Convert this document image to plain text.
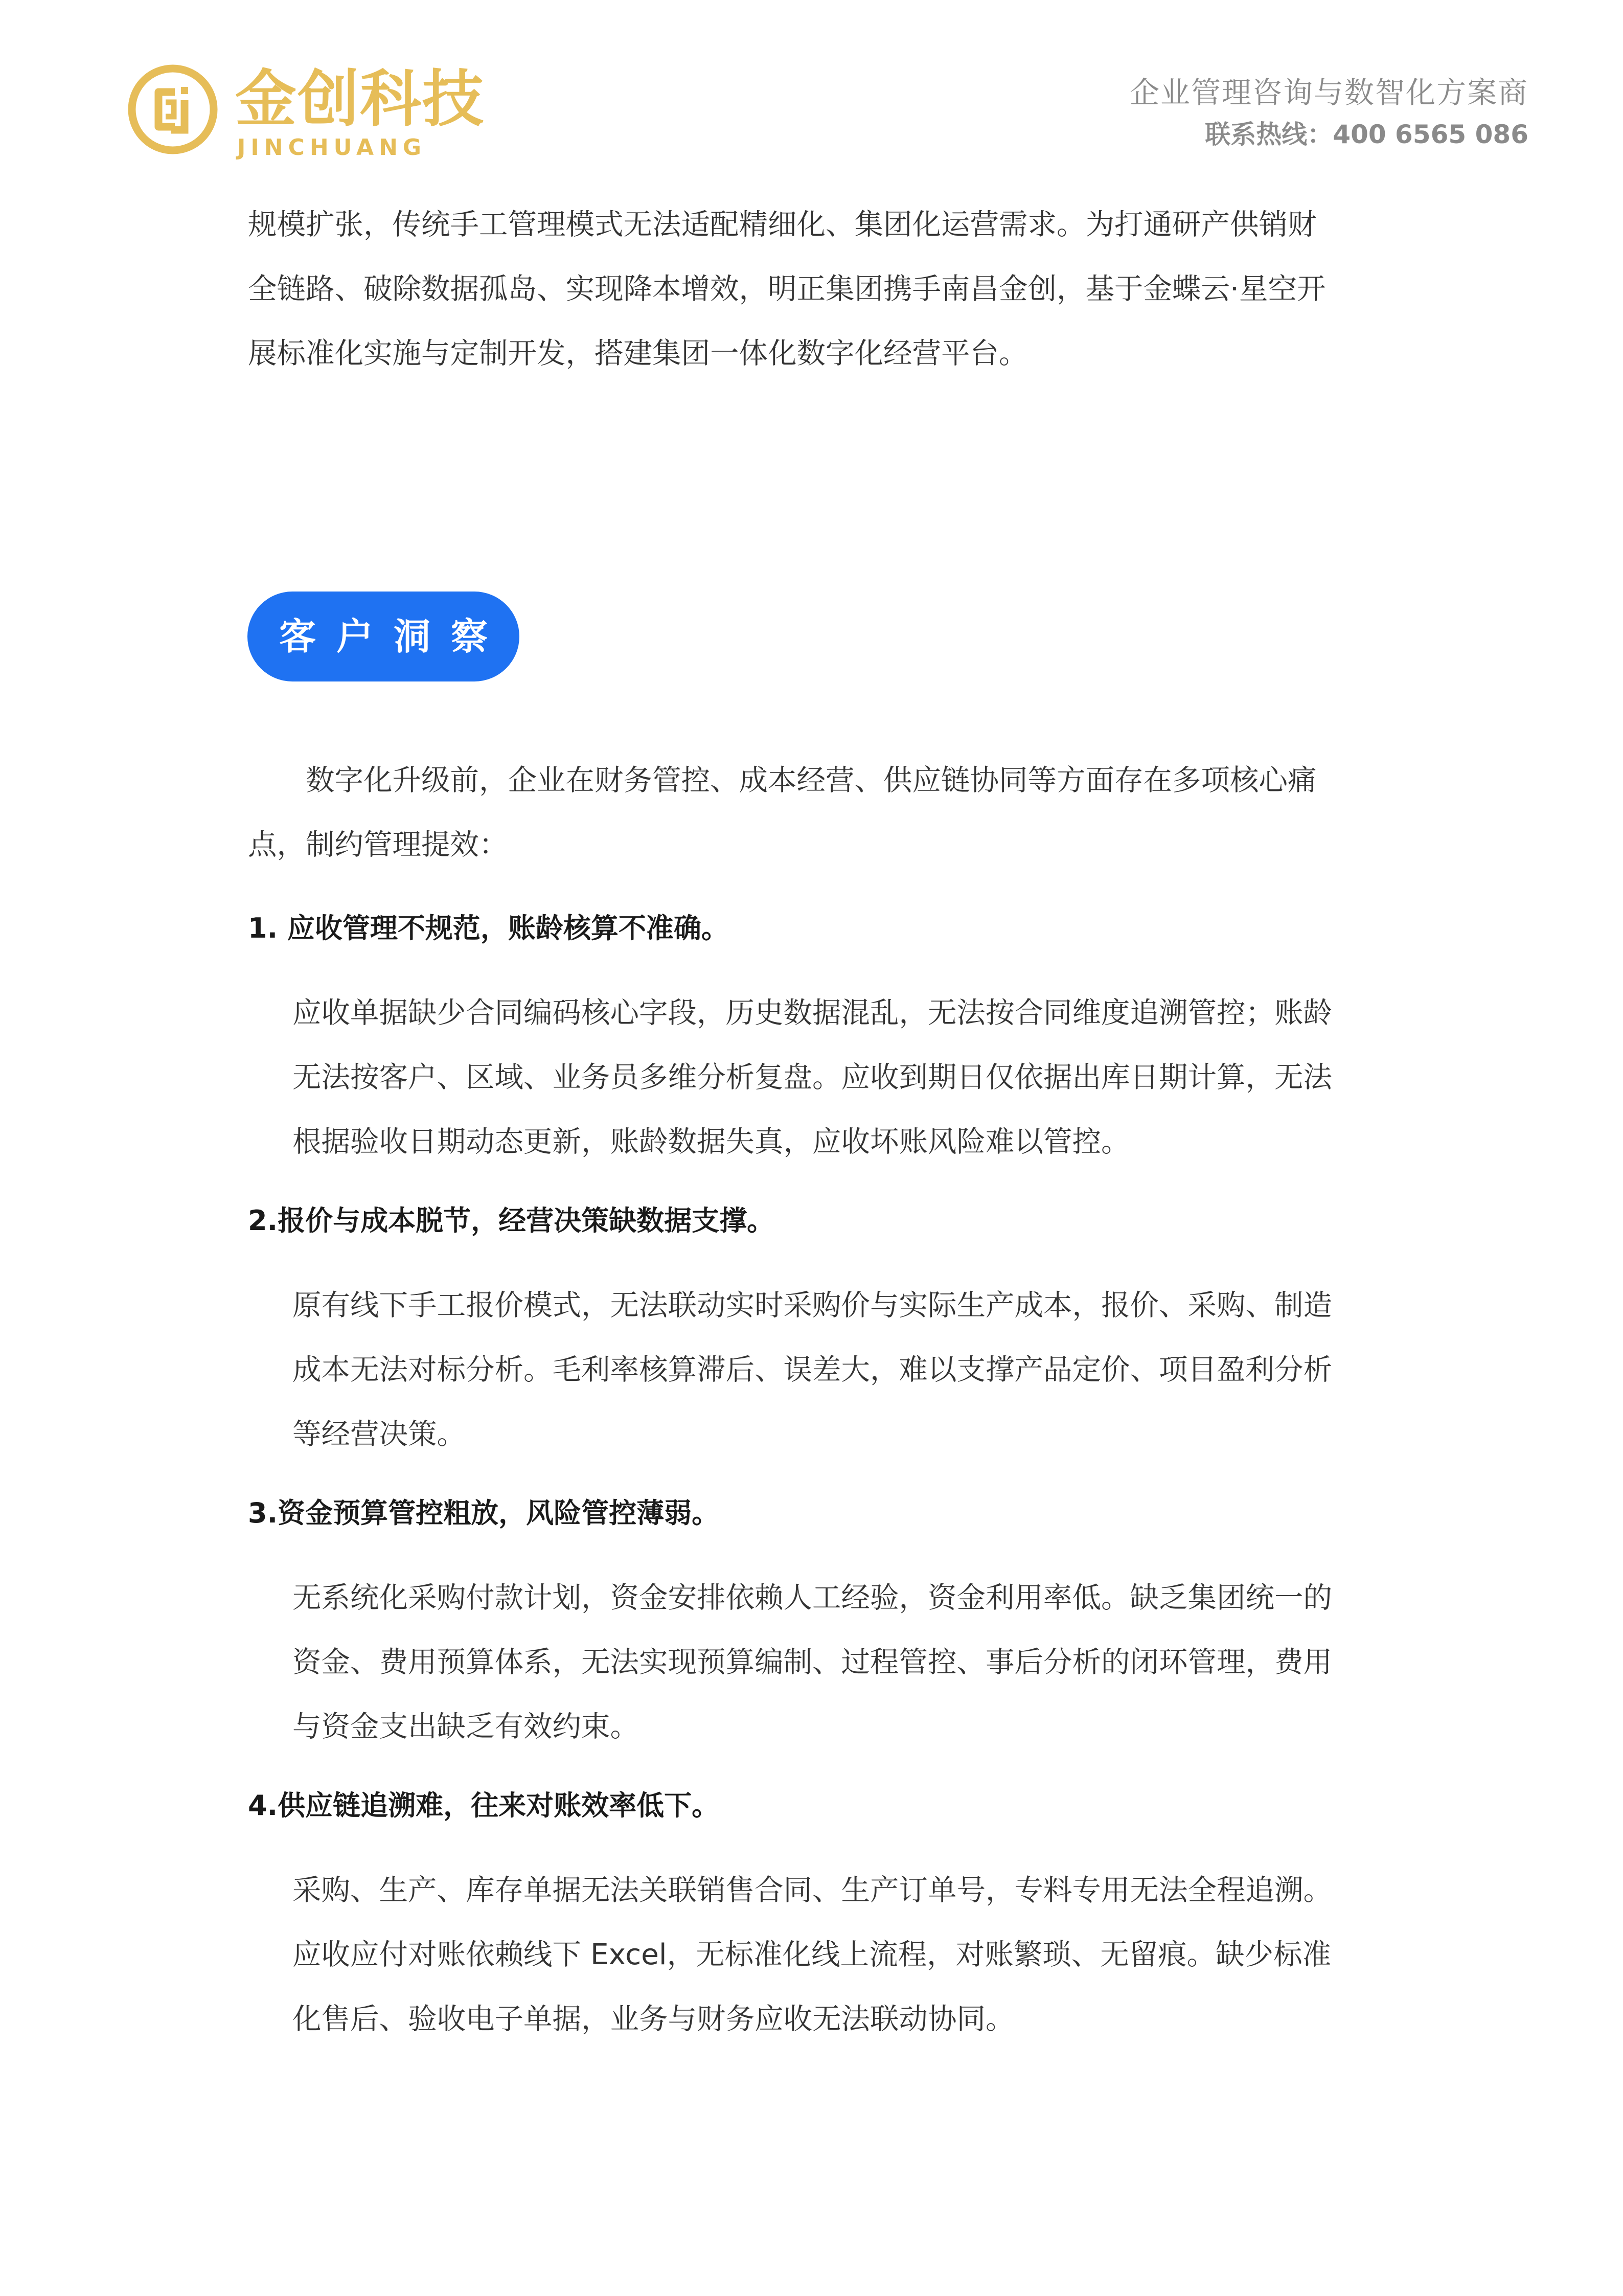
金创科技
JINCHUANG
企业管理咨询与数智化方案商
联系热线：400 6565 086
规模扩张，传统手工管理模式无法适配精细化、集团化运营需求。为打通研产供销财
全链路、破除数据孤岛、实现降本增效，明正集团携手南昌金创，基于金蝶云·星空开
展标准化实施与定制开发，搭建集团一体化数字化经营平台。
客户洞察
数字化升级前，企业在财务管控、成本经营、供应链协同等方面存在多项核心痛
点，制约管理提效：
1. 应收管理不规范，账龄核算不准确。
应收单据缺少合同编码核心字段，历史数据混乱，无法按合同维度追溯管控；账龄
无法按客户、区域、业务员多维分析复盘。应收到期日仅依据出库日期计算，无法
根据验收日期动态更新，账龄数据失真，应收坏账风险难以管控。
2.报价与成本脱节，经营决策缺数据支撑。
原有线下手工报价模式，无法联动实时采购价与实际生产成本，报价、采购、制造
成本无法对标分析。毛利率核算滞后、误差大，难以支撑产品定价、项目盈利分析
等经营决策。
3.资金预算管控粗放，风险管控薄弱。
无系统化采购付款计划，资金安排依赖人工经验，资金利用率低。缺乏集团统一的
资金、费用预算体系，无法实现预算编制、过程管控、事后分析的闭环管理，费用
与资金支出缺乏有效约束。
4.供应链追溯难，往来对账效率低下。
采购、生产、库存单据无法关联销售合同、生产订单号，专料专用无法全程追溯。
应收应付对账依赖线下 Excel，无标准化线上流程，对账繁琐、无留痕。缺少标准
化售后、验收电子单据，业务与财务应收无法联动协同。
